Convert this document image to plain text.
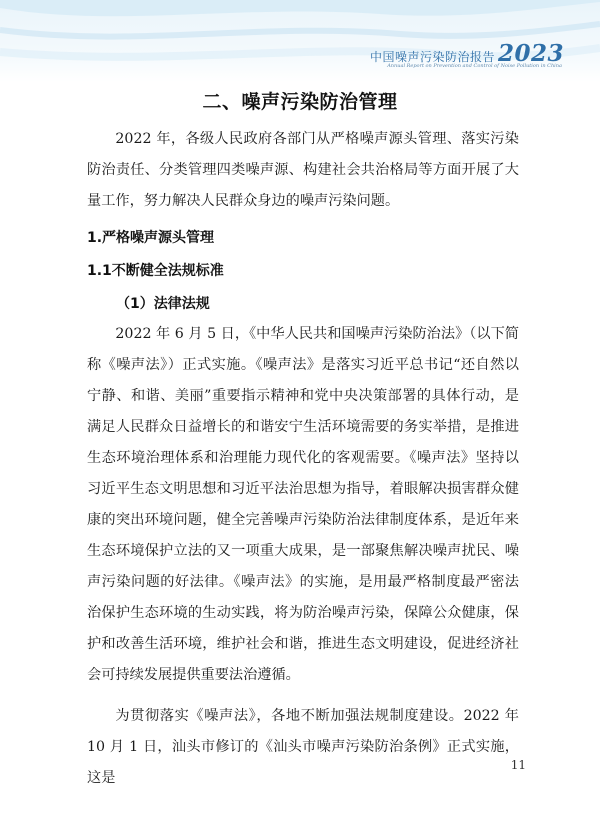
中国噪声污染防治报告 2023
Annual Report on Prevention and Control of Noise Pollution in China
二、噪声污染防治管理

2022 年，各级人民政府各部门从严格噪声源头管理、落实污染防治责任、分类管理四类噪声源、构建社会共治格局等方面开展了大量工作，努力解决人民群众身边的噪声污染问题。

1.严格噪声源头管理
1.1不断健全法规标准
（1）法律法规

2022 年 6 月 5 日，《中华人民共和国噪声污染防治法》（以下简称《噪声法》）正式实施。《噪声法》是落实习近平总书记“还自然以宁静、和谐、美丽”重要指示精神和党中央决策部署的具体行动，是满足人民群众日益增长的和谐安宁生活环境需要的务实举措，是推进生态环境治理体系和治理能力现代化的客观需要。《噪声法》坚持以习近平生态文明思想和习近平法治思想为指导，着眼解决损害群众健康的突出环境问题，健全完善噪声污染防治法律制度体系，是近年来生态环境保护立法的又一项重大成果，是一部聚焦解决噪声扰民、噪声污染问题的好法律。《噪声法》的实施，是用最严格制度最严密法治保护生态环境的生动实践，将为防治噪声污染，保障公众健康，保护和改善生活环境，维护社会和谐，推进生态文明建设，促进经济社会可持续发展提供重要法治遵循。

为贯彻落实《噪声法》，各地不断加强法规制度建设。2022 年 10 月 1 日，汕头市修订的《汕头市噪声污染防治条例》正式实施，这是

11
